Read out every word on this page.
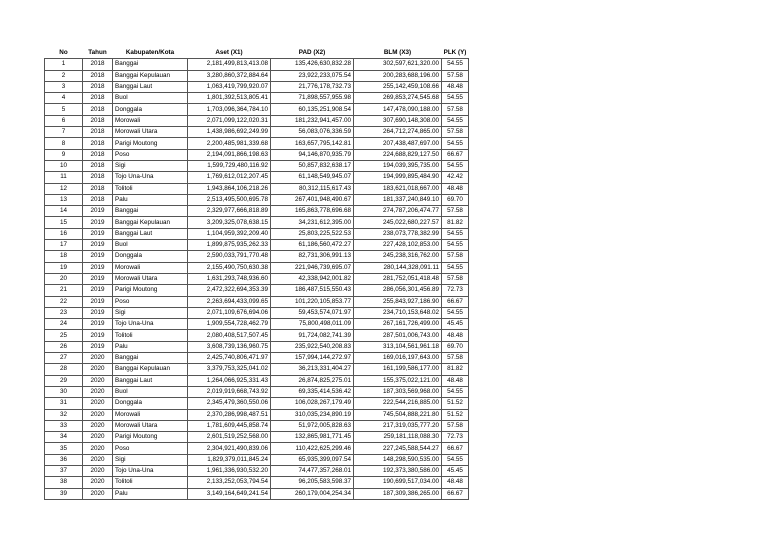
No	Tahun	Kabupaten/Kota	Aset (X1)	PAD (X2)	BLM (X3)	PLK (Y)
1	2018	Banggai	2,181,499,813,413.08	135,426,630,832.28	302,597,621,320.00	54.55
2	2018	Banggai Kepulauan	3,280,860,372,884.64	23,922,233,075.54	200,283,688,196.00	57.58
3	2018	Banggai Laut	1,063,419,799,920.07	21,776,178,732.73	255,142,459,108.66	48.48
4	2018	Buol	1,801,392,513,805.41	71,898,557,955.98	269,853,274,545.68	54.55
5	2018	Donggala	1,703,096,364,784.10	60,135,251,908.54	147,478,090,188.00	57.58
6	2018	Morowali	2,071,099,122,020.31	181,232,941,457.00	307,690,148,308.00	54.55
7	2018	Morowali Utara	1,438,986,692,249.99	56,083,076,336.59	264,712,274,865.00	57.58
8	2018	Parigi Moutong	2,200,485,981,339.68	163,657,795,142.81	207,438,487,697.00	54.55
9	2018	Poso	2,194,091,866,198.63	94,146,870,935.79	224,688,829,127.50	66.67
10	2018	Sigi	1,599,729,480,116.92	50,857,832,638.17	194,039,395,735.00	54.55
11	2018	Tojo Una-Una	1,769,612,012,207.45	61,148,549,945.07	194,999,895,484.90	42.42
12	2018	Tolitoli	1,943,864,106,218.26	80,312,115,617.43	183,621,018,667.00	48.48
13	2018	Palu	2,513,495,500,695.78	267,401,948,490.67	181,337,240,849.10	69.70
14	2019	Banggai	2,329,977,666,818.89	165,863,778,696.68	274,787,206,474.77	57.58
15	2019	Banggai Kepulauan	3,209,325,078,638.15	34,231,612,395.00	245,022,680,227.57	81.82
16	2019	Banggai Laut	1,104,959,392,209.40	25,803,225,522.53	238,073,778,382.99	54.55
17	2019	Buol	1,899,875,935,262.33	61,186,560,472.27	227,428,102,853.00	54.55
18	2019	Donggala	2,590,033,791,770.48	82,731,306,991.13	245,238,316,762.00	57.58
19	2019	Morowali	2,155,490,750,630.38	221,946,739,695.07	280,144,328,091.11	54.55
20	2019	Morowali Utara	1,631,293,748,936.60	42,338,942,001.82	281,752,051,418.48	57.58
21	2019	Parigi Moutong	2,472,322,694,353.39	186,487,515,550.43	286,056,301,456.89	72.73
22	2019	Poso	2,263,694,433,099.65	101,220,105,853.77	255,843,927,186.90	66.67
23	2019	Sigi	2,071,109,676,694.06	59,453,574,071.97	234,710,153,648.02	54.55
24	2019	Tojo Una-Una	1,909,554,728,462.79	75,800,498,011.09	267,161,726,499.00	45.45
25	2019	Tolitoli	2,080,408,517,507.45	91,724,082,741.39	287,501,006,743.00	48.48
26	2019	Palu	3,608,739,136,960.75	235,922,540,208.83	313,104,561,961.18	69.70
27	2020	Banggai	2,425,740,806,471.97	157,994,144,272.97	169,016,197,643.00	57.58
28	2020	Banggai Kepulauan	3,379,753,325,041.02	36,213,331,404.27	161,199,586,177.00	81.82
29	2020	Banggai Laut	1,264,066,925,331.43	26,874,825,275.01	155,375,022,121.00	48.48
30	2020	Buol	2,019,919,668,743.92	69,335,414,536.42	187,303,569,968.00	54.55
31	2020	Donggala	2,345,479,360,550.06	106,028,267,179.49	222,544,216,885.00	51.52
32	2020	Morowali	2,370,286,998,487.51	310,035,234,890.19	745,504,888,221.80	51.52
33	2020	Morowali Utara	1,781,609,445,858.74	51,972,005,828.63	217,319,035,777.20	57.58
34	2020	Parigi Moutong	2,601,519,252,568.00	132,865,981,771.45	259,181,118,088.30	72.73
35	2020	Poso	2,304,921,490,839.06	110,422,625,299.46	227,245,588,544.27	66.67
36	2020	Sigi	1,829,379,011,845.24	65,935,399,097.54	148,298,590,535.00	54.55
37	2020	Tojo Una-Una	1,961,336,930,532.20	74,477,357,268.01	192,373,380,586.00	45.45
38	2020	Tolitoli	2,133,252,053,794.54	96,205,583,598.37	190,699,517,034.00	48.48
39	2020	Palu	3,149,164,649,241.54	260,179,004,254.34	187,309,386,265.00	66.67
